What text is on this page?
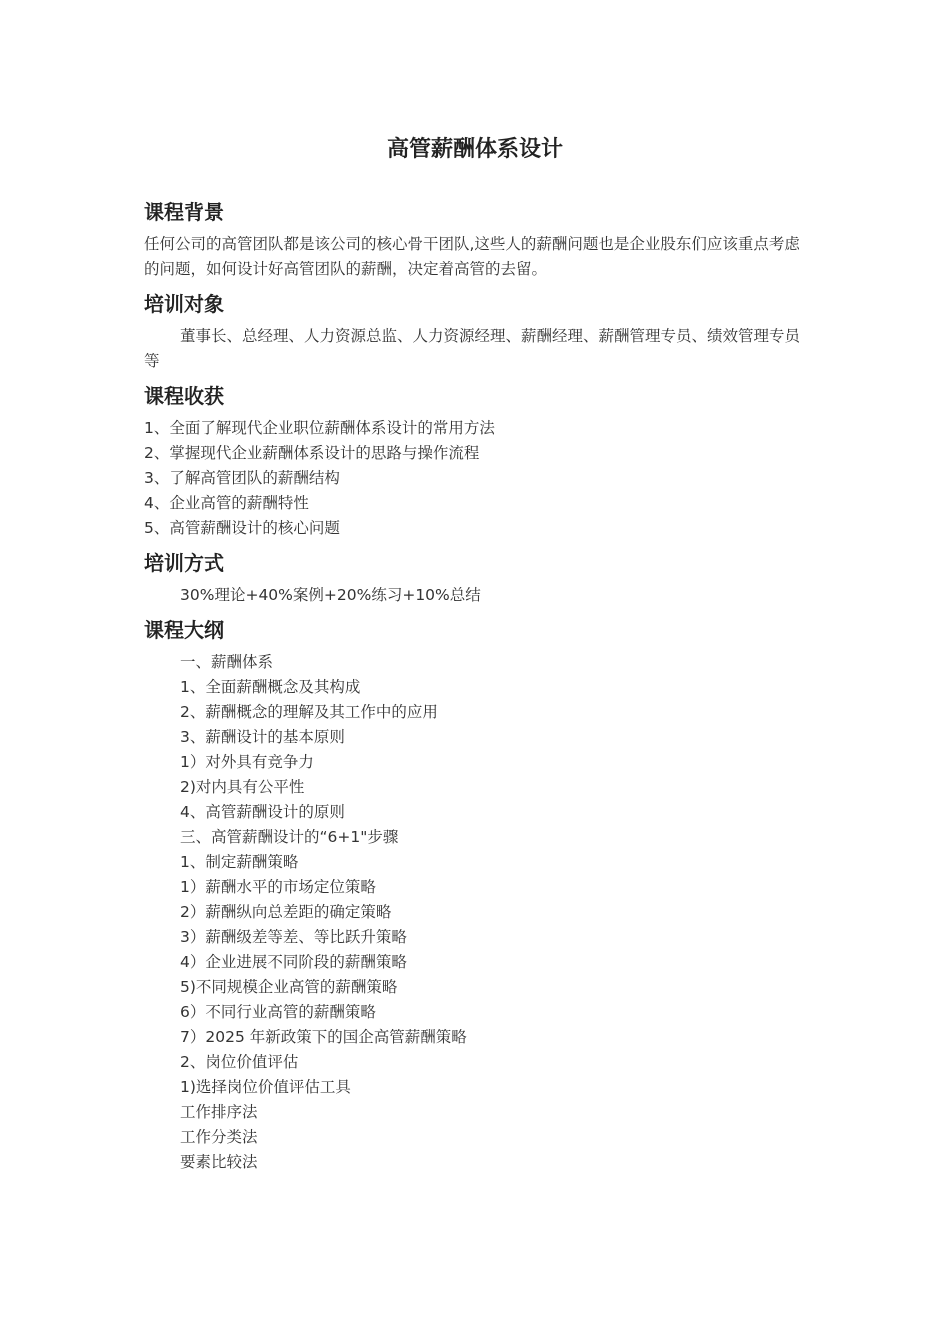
高管薪酬体系设计
课程背景

任何公司的高管团队都是该公司的核心骨干团队,这些人的薪酬问题也是企业股东们应该重点考虑的问题，如何设计好高管团队的薪酬，决定着高管的去留。

培训对象

董事长、总经理、人力资源总监、人力资源经理、薪酬经理、薪酬管理专员、绩效管理专员等

课程收获
1、全面了解现代企业职位薪酬体系设计的常用方法
2、掌握现代企业薪酬体系设计的思路与操作流程
3、了解高管团队的薪酬结构
4、企业高管的薪酬特性
5、高管薪酬设计的核心问题
培训方式

30%理论+40%案例+20%练习+10%总结

课程大纲
一、薪酬体系
1、全面薪酬概念及其构成
2、薪酬概念的理解及其工作中的应用
3、薪酬设计的基本原则
1）对外具有竞争力
2)对内具有公平性
4、高管薪酬设计的原则
三、高管薪酬设计的“6+1"步骤
1、制定薪酬策略
1）薪酬水平的市场定位策略
2）薪酬纵向总差距的确定策略
3）薪酬级差等差、等比跃升策略
4）企业进展不同阶段的薪酬策略
5)不同规模企业高管的薪酬策略
6）不同行业高管的薪酬策略
7）2025 年新政策下的国企高管薪酬策略
2、岗位价值评估
1)选择岗位价值评估工具
工作排序法
工作分类法
要素比较法
